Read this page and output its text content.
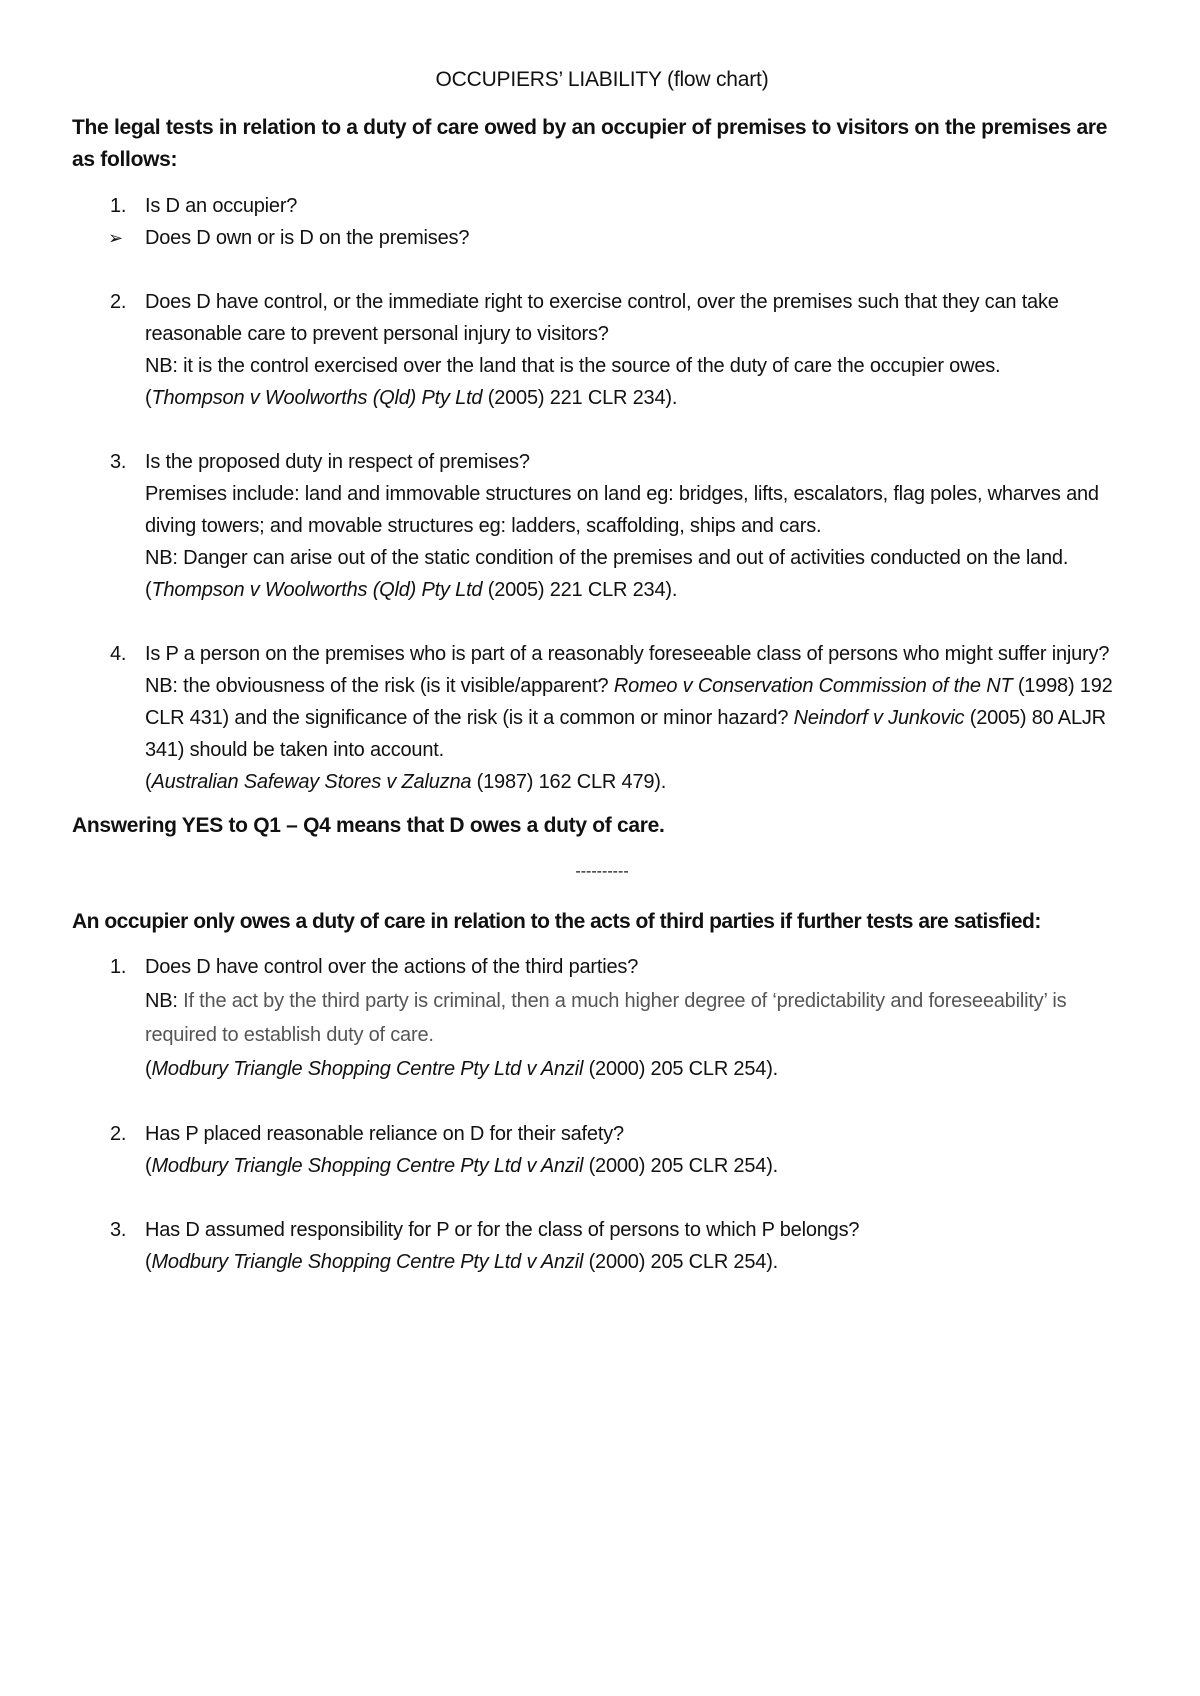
OCCUPIERS’ LIABILITY (flow chart)
The legal tests in relation to a duty of care owed by an occupier of premises to visitors on the premises are as follows:
1. Is D an occupier?
➢ Does D own or is D on the premises?
2. Does D have control, or the immediate right to exercise control, over the premises such that they can take reasonable care to prevent personal injury to visitors?
NB: it is the control exercised over the land that is the source of the duty of care the occupier owes.
(Thompson v Woolworths (Qld) Pty Ltd (2005) 221 CLR 234).
3. Is the proposed duty in respect of premises?
Premises include: land and immovable structures on land eg: bridges, lifts, escalators, flag poles, wharves and diving towers; and movable structures eg: ladders, scaffolding, ships and cars.
NB: Danger can arise out of the static condition of the premises and out of activities conducted on the land.
(Thompson v Woolworths (Qld) Pty Ltd (2005) 221 CLR 234).
4. Is P a person on the premises who is part of a reasonably foreseeable class of persons who might suffer injury?
NB: the obviousness of the risk (is it visible/apparent? Romeo v Conservation Commission of the NT (1998) 192 CLR 431) and the significance of the risk (is it a common or minor hazard? Neindorf v Junkovic (2005) 80 ALJR 341) should be taken into account.
(Australian Safeway Stores v Zaluzna (1987) 162 CLR 479).
Answering YES to Q1 – Q4 means that D owes a duty of care.
----------
An occupier only owes a duty of care in relation to the acts of third parties if further tests are satisfied:
1. Does D have control over the actions of the third parties?
NB: If the act by the third party is criminal, then a much higher degree of ‘predictability and foreseeability’ is required to establish duty of care.
(Modbury Triangle Shopping Centre Pty Ltd v Anzil (2000) 205 CLR 254).
2. Has P placed reasonable reliance on D for their safety?
(Modbury Triangle Shopping Centre Pty Ltd v Anzil (2000) 205 CLR 254).
3. Has D assumed responsibility for P or for the class of persons to which P belongs?
(Modbury Triangle Shopping Centre Pty Ltd v Anzil (2000) 205 CLR 254).
